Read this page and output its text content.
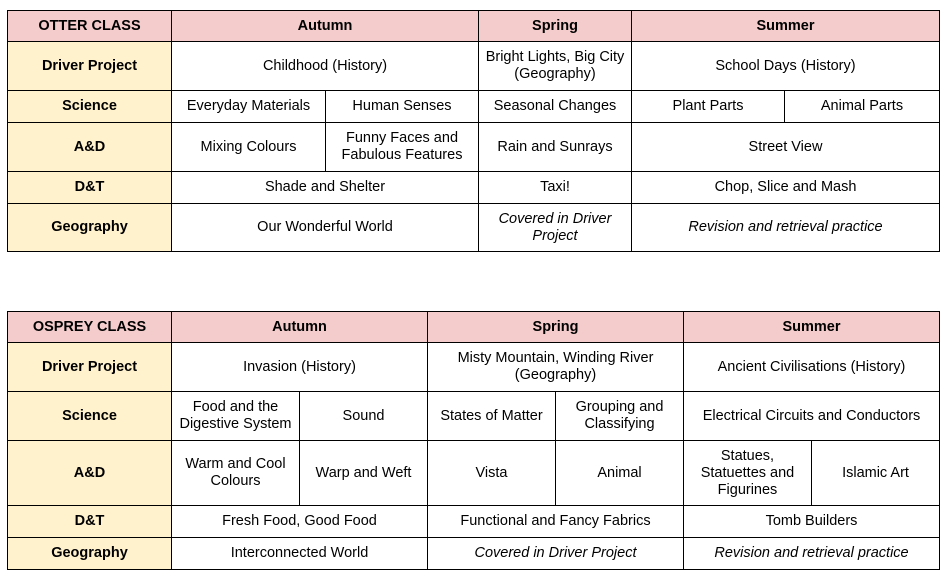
OTTER CLASS	Autumn		Spring	Summer	
Driver Project	Childhood (History)		Bright Lights, Big City (Geography)	School Days (History)	
Science	Everyday Materials	Human Senses	Seasonal Changes	Plant Parts	Animal Parts
A&D	Mixing Colours	Funny Faces and Fabulous Features	Rain and Sunrays	Street View	
D&T	Shade and Shelter		Taxi!	Chop, Slice and Mash	
Geography	Our Wonderful World		Covered in Driver Project	Revision and retrieval practice	
OSPREY CLASS	Autumn		Spring		Summer	
Driver Project	Invasion (History)		Misty Mountain, Winding River (Geography)		Ancient Civilisations (History)	
Science	Food and the Digestive System	Sound	States of Matter	Grouping and Classifying	Electrical Circuits and Conductors	
A&D	Warm and Cool Colours	Warp and Weft	Vista	Animal	Statues, Statuettes and Figurines	Islamic Art
D&T	Fresh Food, Good Food		Functional and Fancy Fabrics		Tomb Builders	
Geography	Interconnected World		Covered in Driver Project		Revision and retrieval practice	
